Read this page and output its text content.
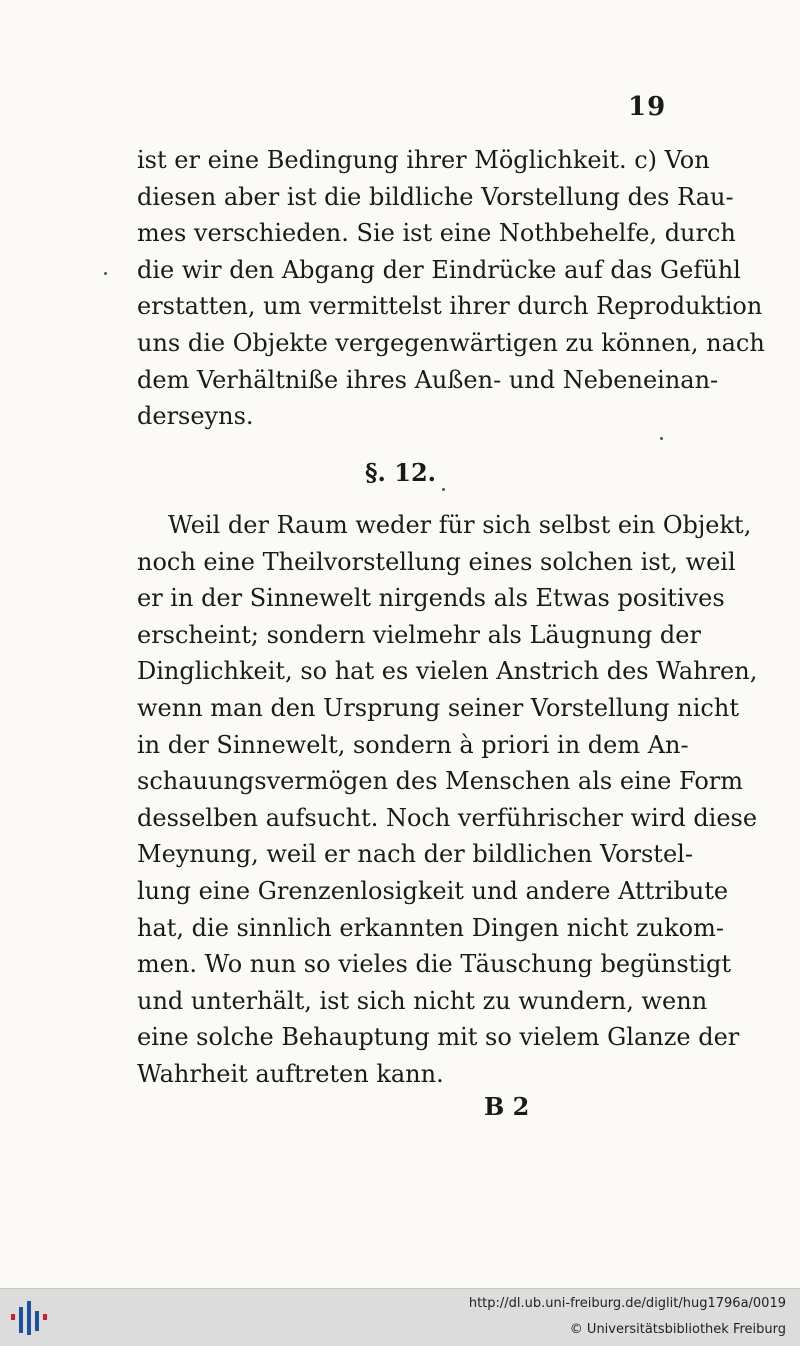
19
ist er eine Bedingung ihrer Möglichkeit. c) Von
diesen aber ist die bildliche Vorstellung des Rau-
mes verschieden. Sie ist eine Nothbehelfe, durch
die wir den Abgang der Eindrücke auf das Gefühl
erstatten, um vermittelst ihrer durch Reproduktion
uns die Objekte vergegenwärtigen zu können, nach
dem Verhältniße ihres Außen- und Nebeneinan-
derseyns.
§. 12.
Weil der Raum weder für sich selbst ein Objekt,
noch eine Theilvorstellung eines solchen ist, weil
er in der Sinnewelt nirgends als Etwas positives
erscheint; sondern vielmehr als Läugnung der
Dinglichkeit, so hat es vielen Anstrich des Wahren,
wenn man den Ursprung seiner Vorstellung nicht
in der Sinnewelt, sondern à priori in dem An-
schauungsvermögen des Menschen als eine Form
desselben aufsucht. Noch verführischer wird diese
Meynung, weil er nach der bildlichen Vorstel-
lung eine Grenzenlosigkeit und andere Attribute
hat, die sinnlich erkannten Dingen nicht zukom-
men. Wo nun so vieles die Täuschung begünstigt
und unterhält, ist sich nicht zu wundern, wenn
eine solche Behauptung mit so vielem Glanze der
Wahrheit auftreten kann.
B 2
http://dl.ub.uni-freiburg.de/diglit/hug1796a/0019
© Universitätsbibliothek Freiburg
